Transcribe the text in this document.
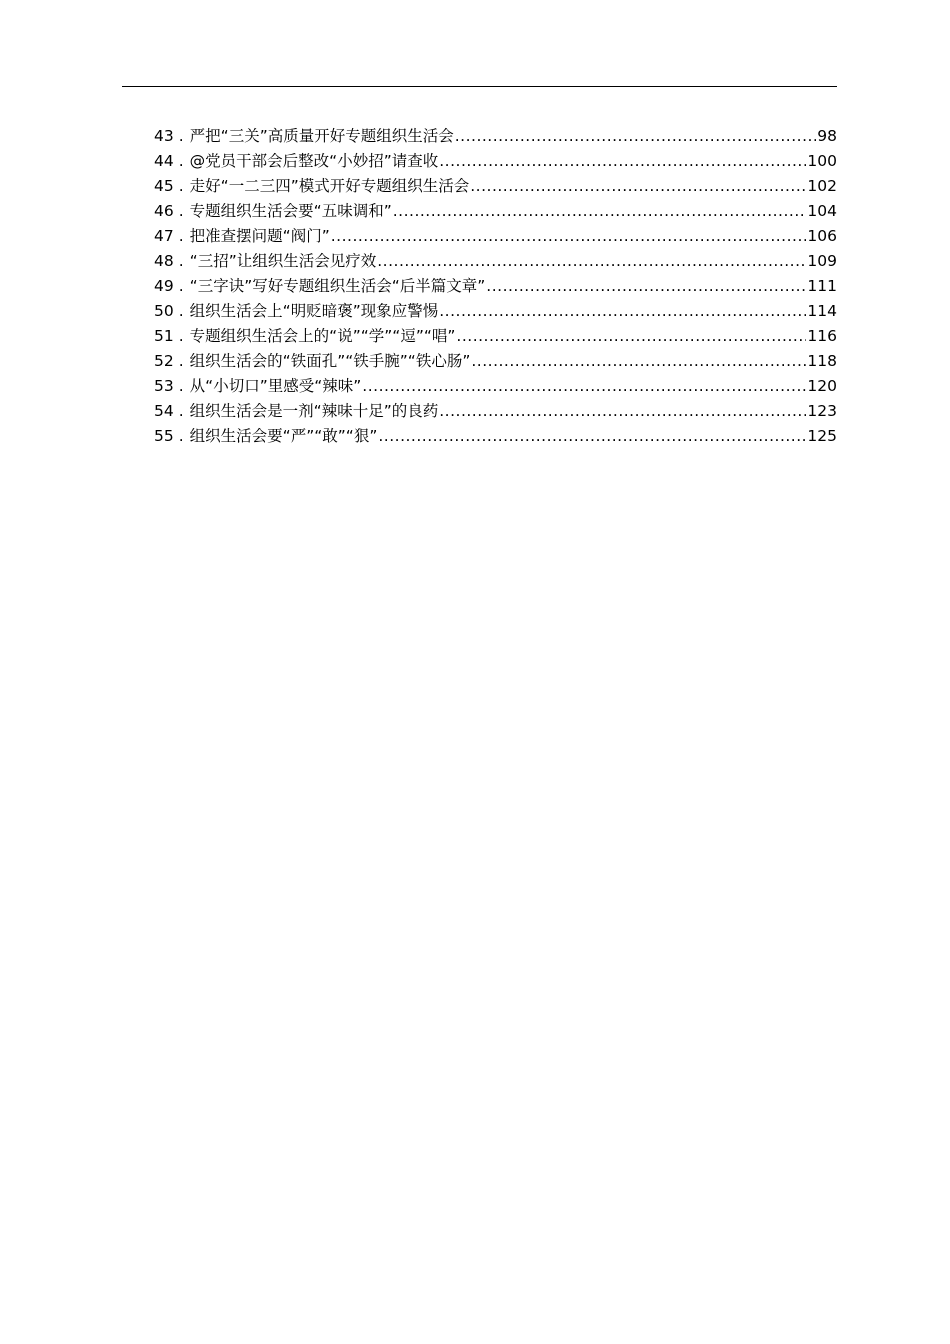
43 . 严把“三关”高质量开好专题组织生活会 .....	98
44 . @党员干部会后整改“小妙招”请查收 .....	100
45 . 走好“一二三四”模式开好专题组织生活会 .....	102
46 . 专题组织生活会要“五味调和” .....	104
47 . 把准查摆问题“阀门” .....	106
48 . “三招”让组织生活会见疗效 .....	109
49 . “三字诀”写好专题组织生活会“后半篇文章” .....	111
50 . 组织生活会上“明贬暗褒”现象应警惕 .....	114
51 . 专题组织生活会上的“说”“学”“逗”“唱” .....	116
52 . 组织生活会的“铁面孔”“铁手腕”“铁心肠” .....	118
53 . 从“小切口”里感受“辣味” .....	120
54 . 组织生活会是一剂“辣味十足”的良药 .....	123
55 . 组织生活会要“严”“敢”“狠” .....	125
